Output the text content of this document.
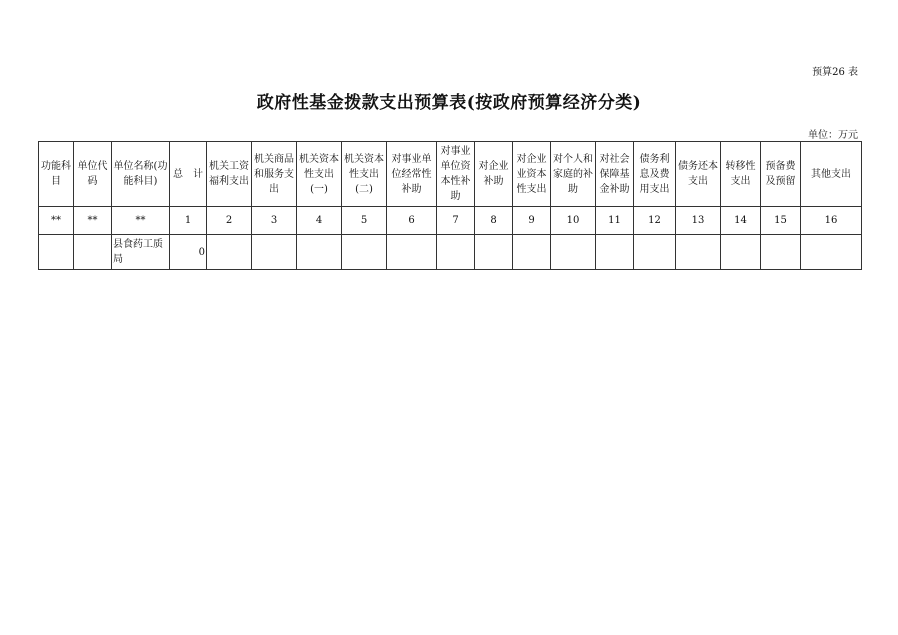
预算26 表
政府性基金拨款支出预算表(按政府预算经济分类)
单位：万元
功能科目	单位代码	单位名称(功能科目)	总　计	机关工资福利支出	机关商品和服务支出	机关资本性支出(一)	机关资本性支出(二)	对事业单位经常性补助	对事业单位资本性补助	对企业补助	对企业业资本性支出	对个人和家庭的补助	对社会保障基金补助	债务利息及费用支出	债务还本支出	转移性支出	预备费及预留	其他支出
**	**	**	1	2	3	4	5	6	7	8	9	10	11	12	13	14	15	16
		县食药工质局	0															
